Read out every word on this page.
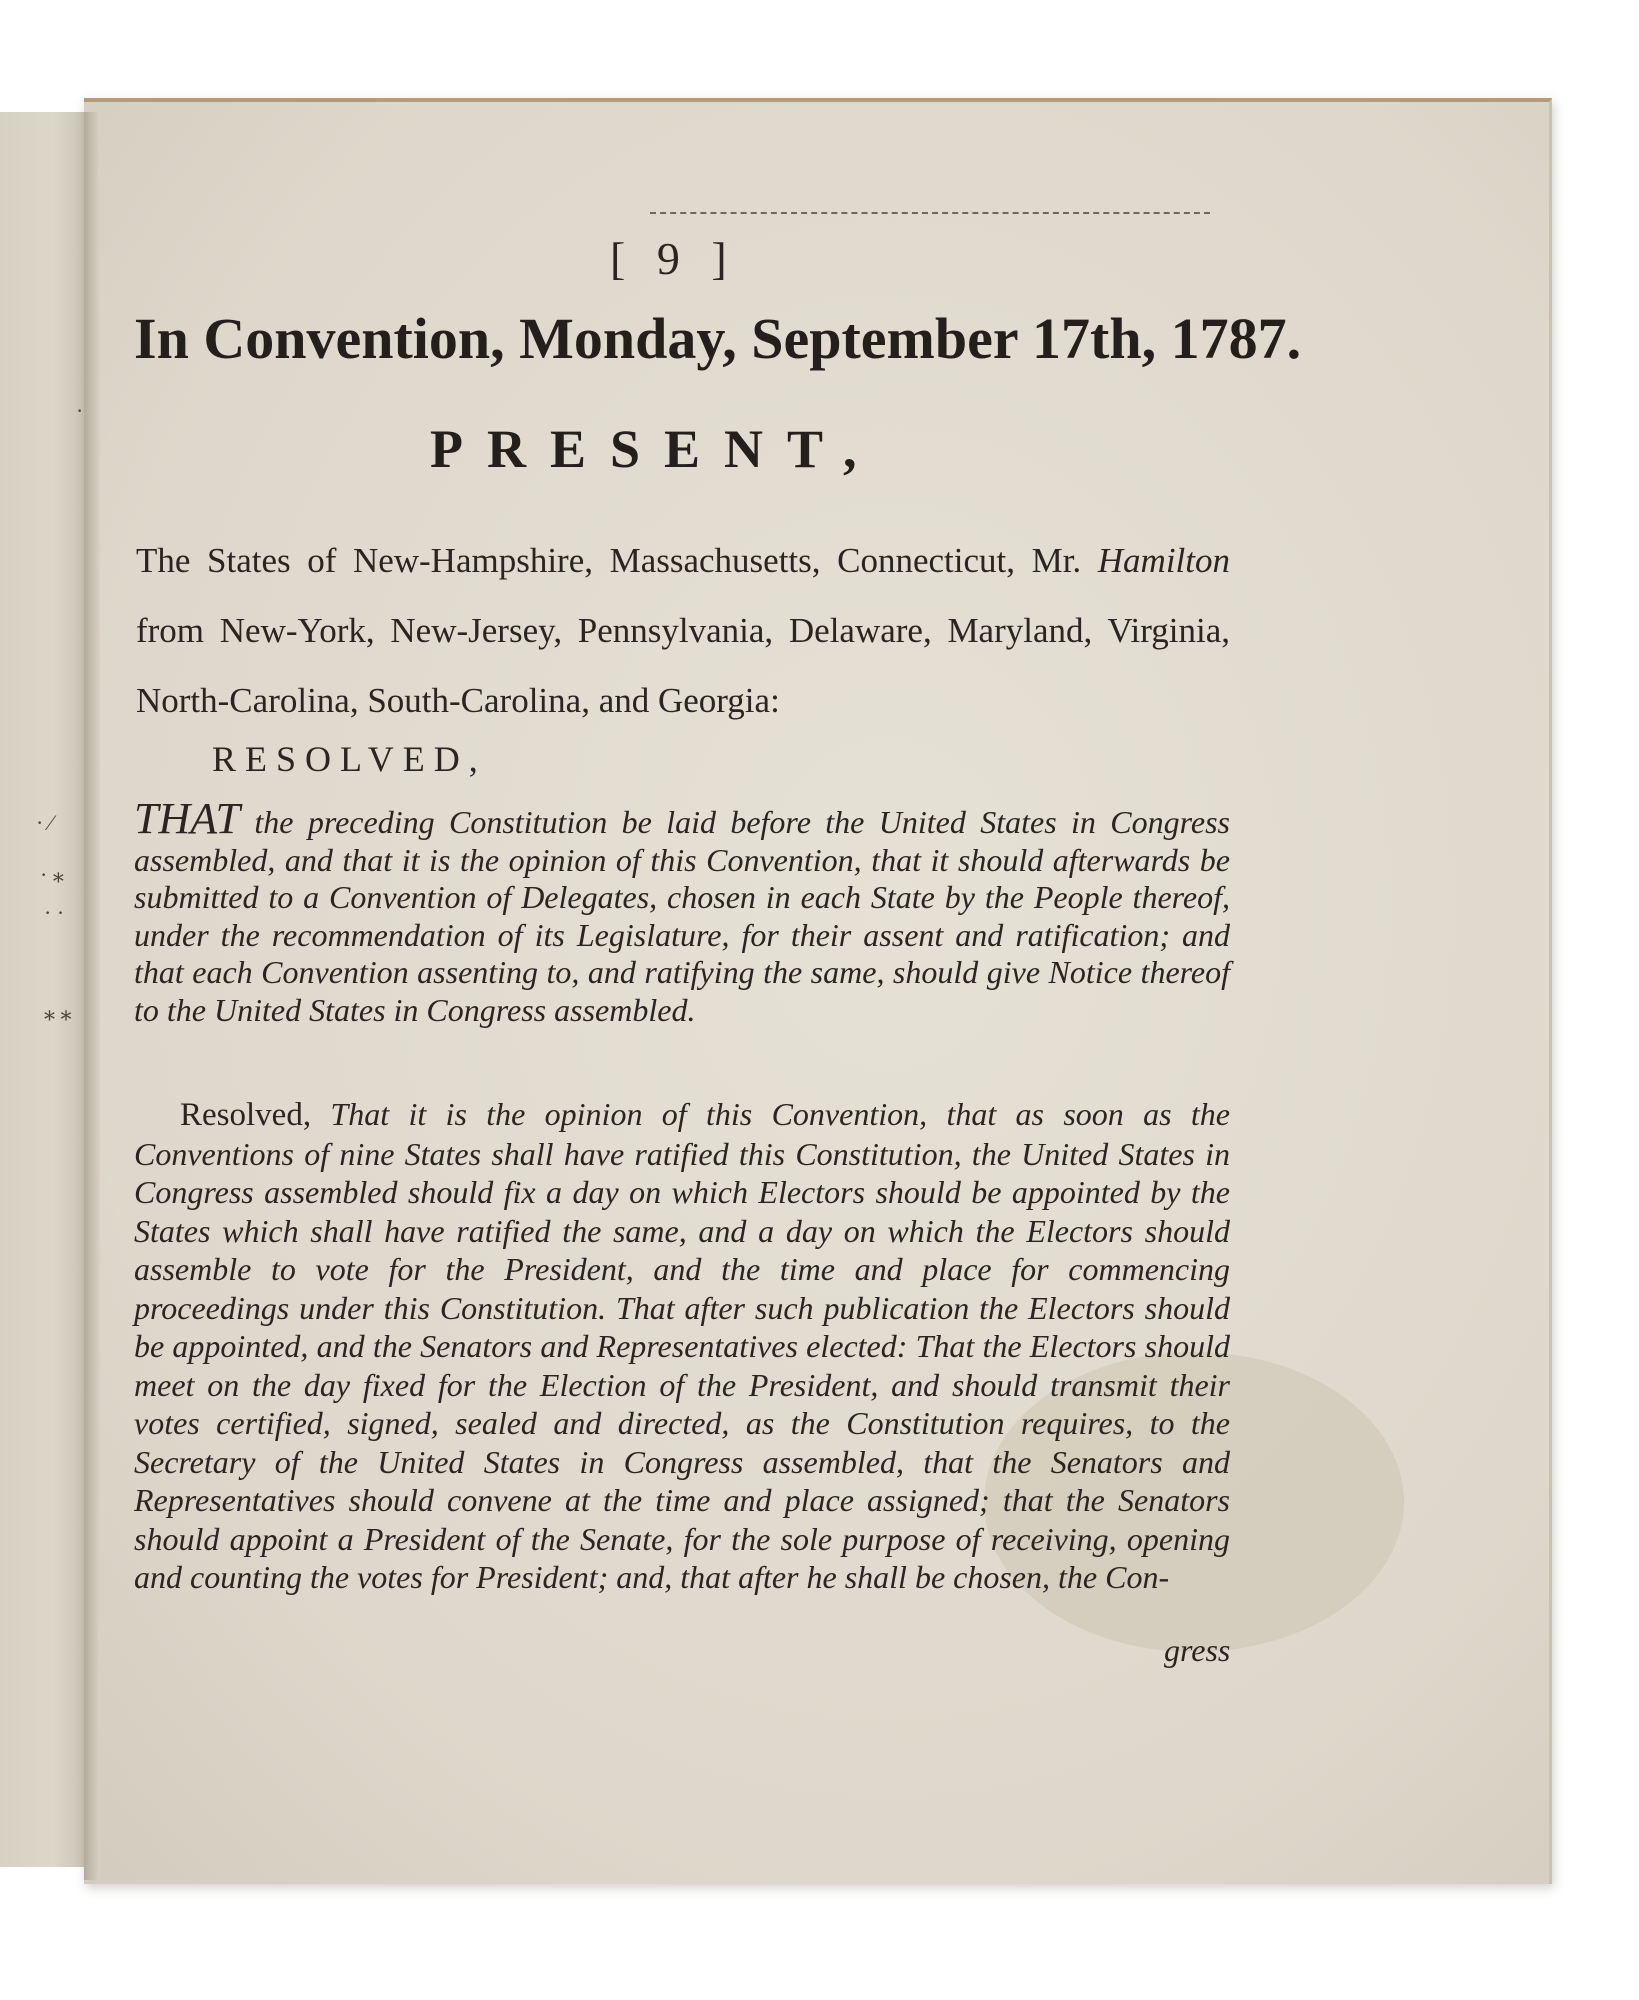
[ 9 ]
In Convention, Monday, September 17th, 1787.
PRESENT,
The States of New-Hampshire, Massachusetts, Connecticut, Mr. Hamilton from New-York, New-Jersey, Pennsylvania, Delaware, Maryland, Virginia, North-Carolina, South-Carolina, and Georgia:
RESOLVED,
THAT the preceding Constitution be laid before the United States in Congress assembled, and that it is the opinion of this Convention, that it should afterwards be submitted to a Convention of Delegates, chosen in each State by the People thereof, under the recommendation of its Legislature, for their assent and ratification; and that each Convention assenting to, and ratifying the same, should give Notice thereof to the United States in Congress assembled.
Resolved, That it is the opinion of this Convention, that as soon as the Conventions of nine States shall have ratified this Constitution, the United States in Congress assembled should fix a day on which Electors should be appointed by the States which shall have ratified the same, and a day on which the Electors should assemble to vote for the President, and the time and place for commencing proceedings under this Constitution. That after such publication the Electors should be appointed, and the Senators and Representatives elected: That the Electors should meet on the day fixed for the Election of the President, and should transmit their votes certified, signed, sealed and directed, as the Constitution requires, to the Secretary of the United States in Congress assembled, that the Senators and Representatives should convene at the time and place assigned; that the Senators should appoint a President of the Senate, for the sole purpose of receiving, opening and counting the votes for President; and, that after he shall be chosen, the Con-
gress
·
· ⁄
· ⁎
· ·
⁎ ⁎
